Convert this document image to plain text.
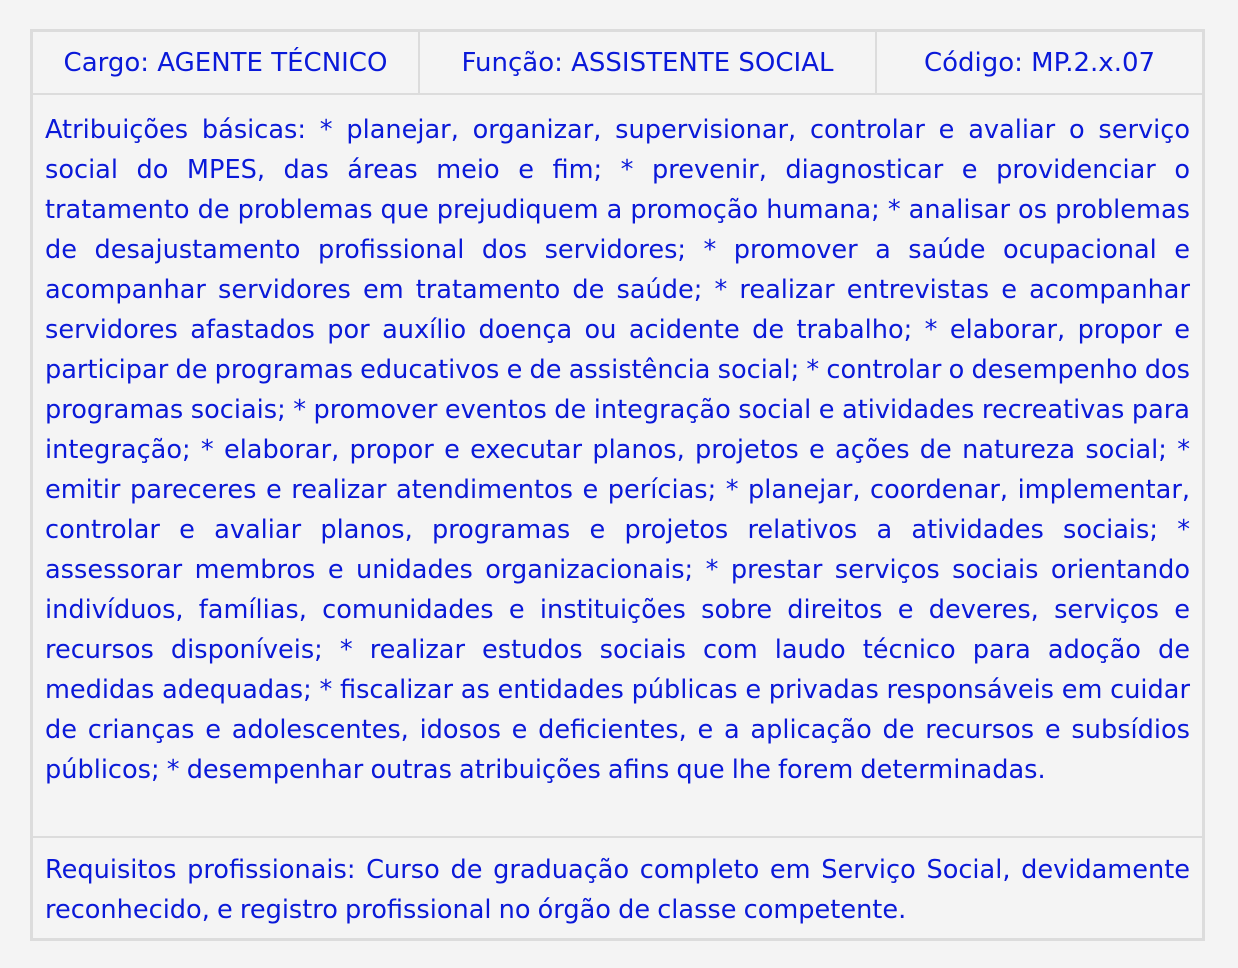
Cargo: AGENTE TÉCNICO	Função: ASSISTENTE SOCIAL	Código: MP.2.x.07
Atribuições básicas: * planejar, organizar, supervisionar, controlar e avaliar o serviço social do MPES, das áreas meio e fim; * prevenir, diagnosticar e providenciar o tratamento de problemas que prejudiquem a promoção humana; * analisar os problemas de desajustamento profissional dos servidores; * promover a saúde ocupacional e acompanhar servidores em tratamento de saúde; * realizar entrevistas e acompanhar servidores afastados por auxílio doença ou acidente de trabalho; * elaborar, propor e participar de programas educativos e de assistência social; * controlar o desempenho dos programas sociais; * promover eventos de integração social e atividades recreativas para integração; * elaborar, propor e executar planos, projetos e ações de natureza social; * emitir pareceres e realizar atendimentos e perícias; * planejar, coordenar, implementar, controlar e avaliar planos, programas e projetos relativos a atividades sociais; * assessorar membros e unidades organizacionais; * prestar serviços sociais orientando indivíduos, famílias, comunidades e instituições sobre direitos e deveres, serviços e recursos disponíveis; * realizar estudos sociais com laudo técnico para adoção de medidas adequadas; * fiscalizar as entidades públicas e privadas responsáveis em cuidar de crianças e adolescentes, idosos e deficientes, e a aplicação de recursos e subsídios públicos; * desempenhar outras atribuições afins que lhe forem determinadas.
Requisitos profissionais: Curso de graduação completo em Serviço Social, devidamente reconhecido, e registro profissional no órgão de classe competente.
